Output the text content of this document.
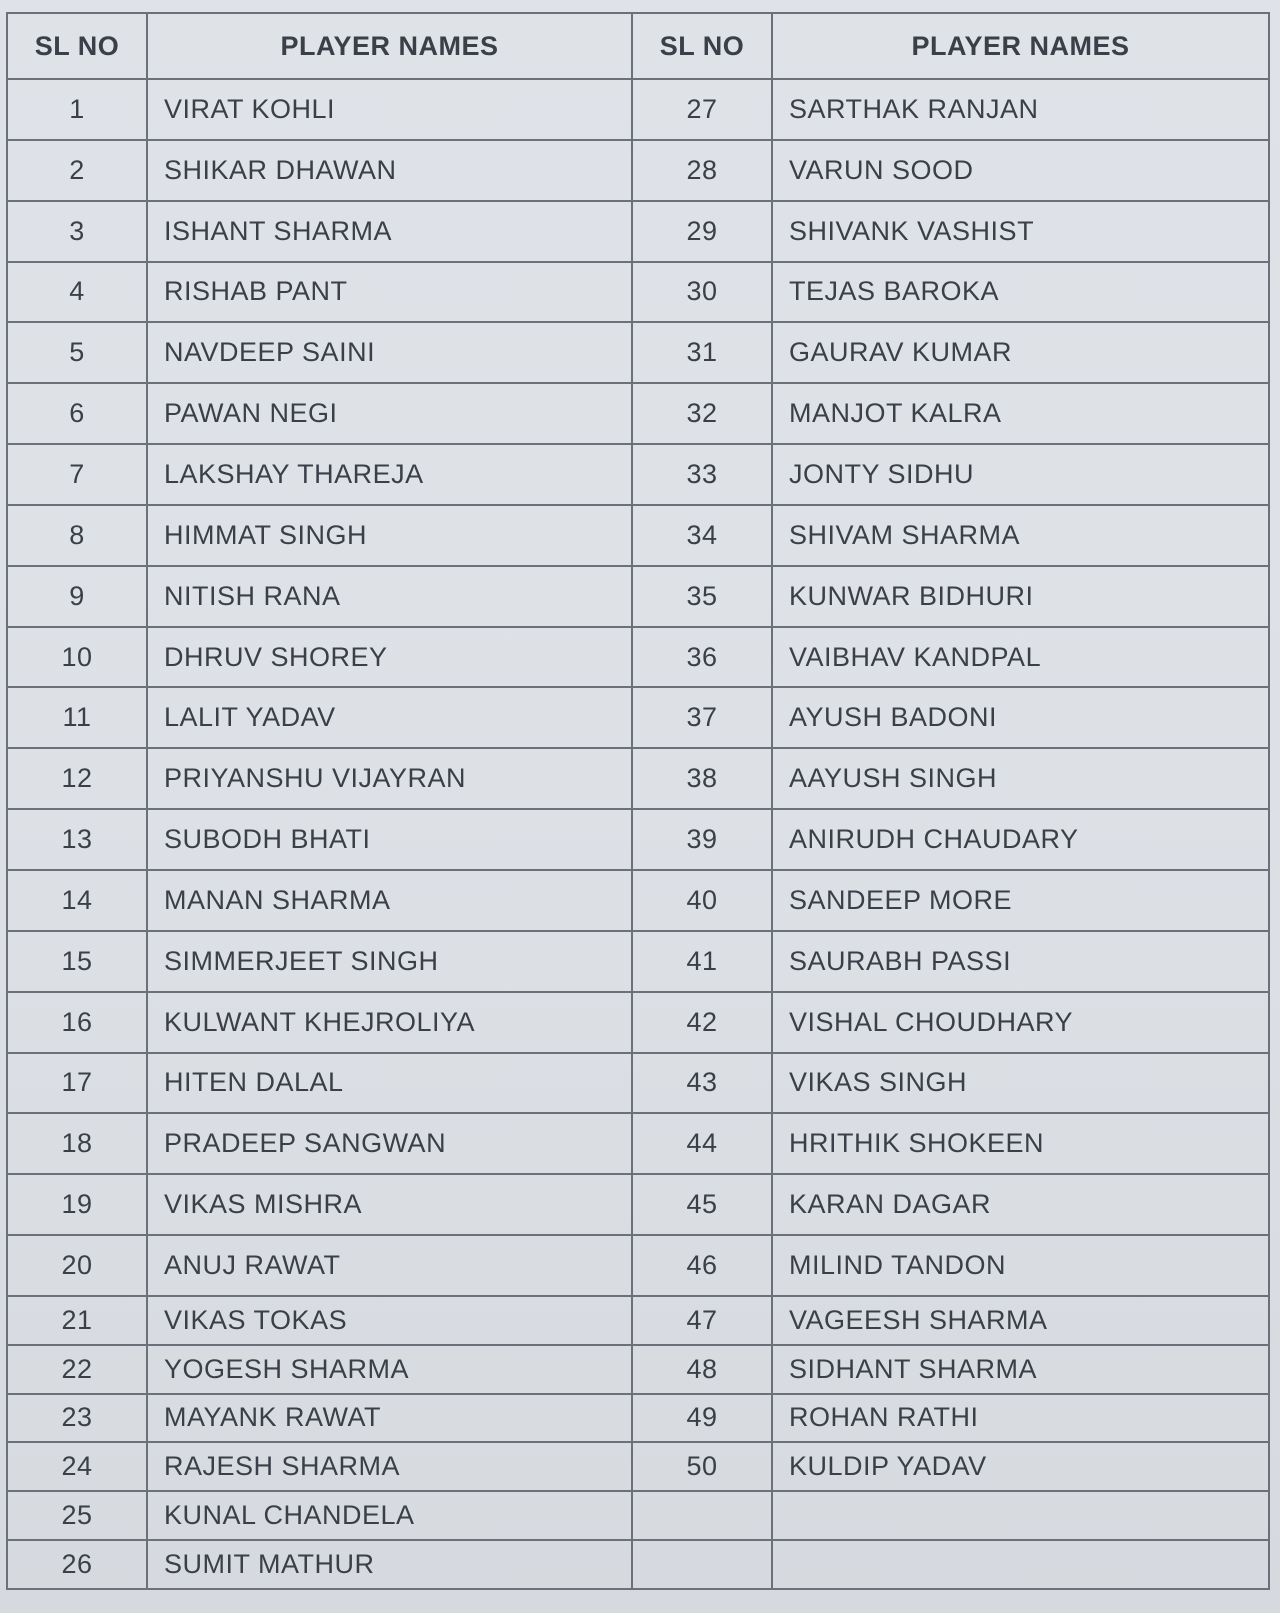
SL NO	PLAYER NAMES	SL NO	PLAYER NAMES
1	VIRAT KOHLI	27	SARTHAK RANJAN
2	SHIKAR DHAWAN	28	VARUN SOOD
3	ISHANT SHARMA	29	SHIVANK VASHIST
4	RISHAB PANT	30	TEJAS BAROKA
5	NAVDEEP SAINI	31	GAURAV KUMAR
6	PAWAN NEGI	32	MANJOT KALRA
7	LAKSHAY THAREJA	33	JONTY SIDHU
8	HIMMAT SINGH	34	SHIVAM SHARMA
9	NITISH RANA	35	KUNWAR BIDHURI
10	DHRUV SHOREY	36	VAIBHAV KANDPAL
11	LALIT YADAV	37	AYUSH BADONI
12	PRIYANSHU VIJAYRAN	38	AAYUSH SINGH
13	SUBODH BHATI	39	ANIRUDH CHAUDARY
14	MANAN SHARMA	40	SANDEEP MORE
15	SIMMERJEET SINGH	41	SAURABH PASSI
16	KULWANT KHEJROLIYA	42	VISHAL CHOUDHARY
17	HITEN DALAL	43	VIKAS SINGH
18	PRADEEP SANGWAN	44	HRITHIK SHOKEEN
19	VIKAS MISHRA	45	KARAN DAGAR
20	ANUJ RAWAT	46	MILIND TANDON
21	VIKAS TOKAS	47	VAGEESH SHARMA
22	YOGESH SHARMA	48	SIDHANT SHARMA
23	MAYANK RAWAT	49	ROHAN RATHI
24	RAJESH SHARMA	50	KULDIP YADAV
25	KUNAL CHANDELA		
26	SUMIT MATHUR		
